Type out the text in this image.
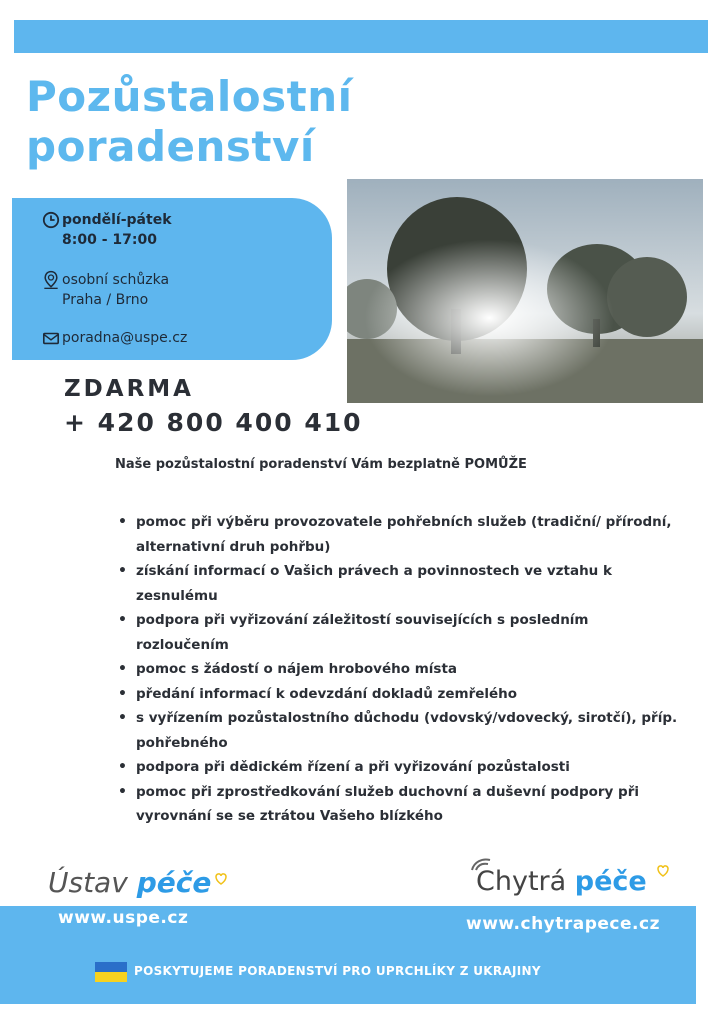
Pozůstalostní
poradenství
pondělí-pátek
8:00 - 17:00
osobní schůzka
Praha / Brno
poradna@uspe.cz
ZDARMA
+ 420 800 400 410

Naše pozůstalostní poradenství Vám bezplatně POMŮŽE

• pomoc při výběru provozovatele pohřebních služeb (tradiční/ přírodní, alternativní druh pohřbu)
• získání informací o Vašich právech a povinnostech ve vztahu k zesnulému
• podpora při vyřizování záležitostí souvisejících s posledním rozloučením
• pomoc s žádostí o nájem hrobového místa
• předání informací k odevzdání dokladů zemřelého
• s vyřízením pozůstalostního důchodu (vdovský/vdovecký, sirotčí), příp. pohřebného
• podpora při dědickém řízení a při vyřizování pozůstalosti
• pomoc při zprostředkování služeb duchovní a duševní podpory při vyrovnání se se ztrátou Vašeho blízkého
Ústav péče	Chytrá péče
www.uspe.cz	www.chytrapece.cz
POSKYTUJEME PORADENSTVÍ PRO UPRCHLÍKY Z UKRAJINY
